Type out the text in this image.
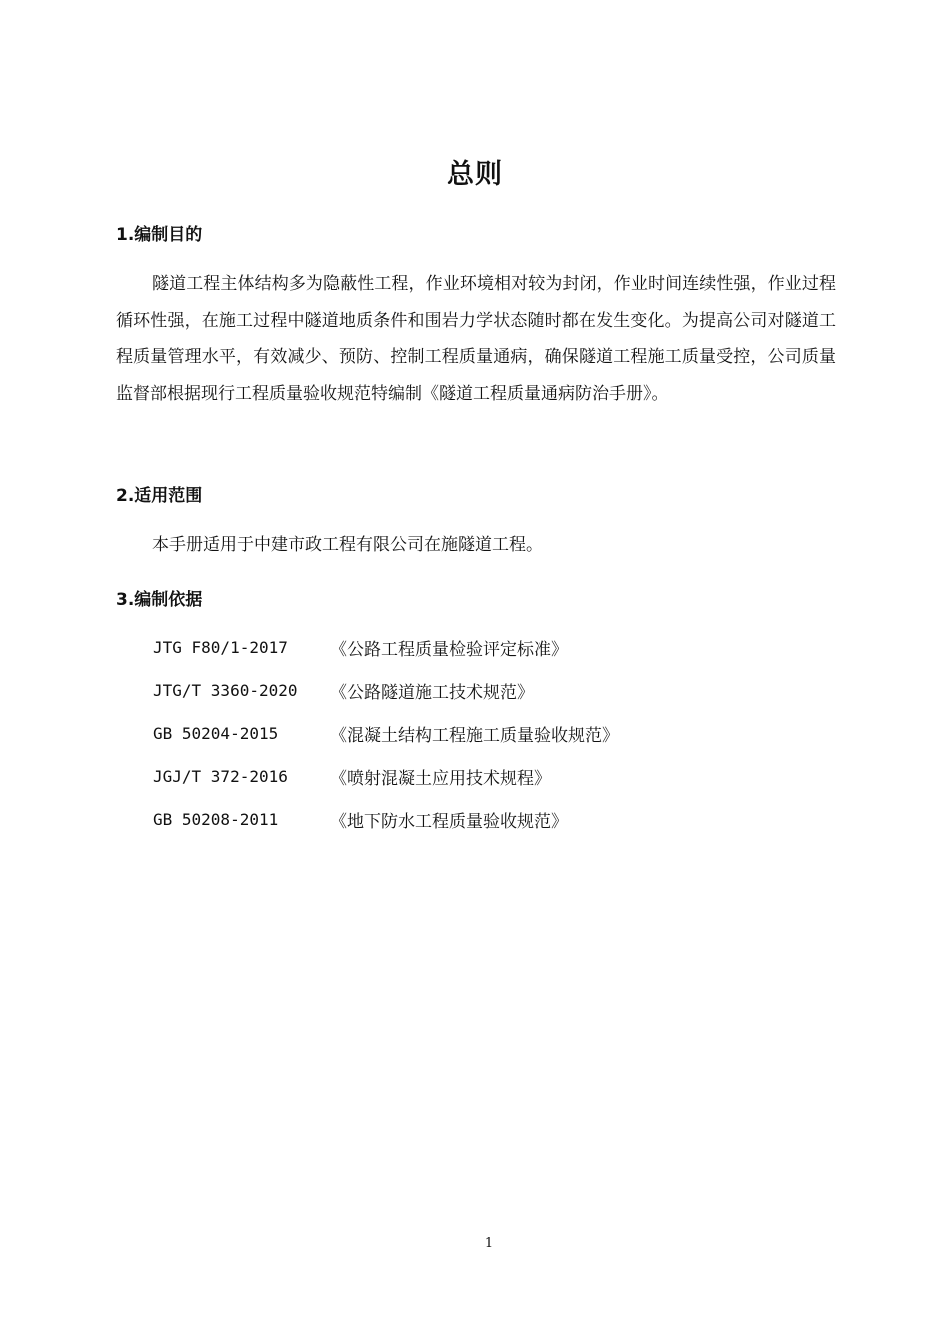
总则
1.编制目的
隧道工程主体结构多为隐蔽性工程，作业环境相对较为封闭，作业时间连续性强，作业过程循环性强，在施工过程中隧道地质条件和围岩力学状态随时都在发生变化。为提高公司对隧道工程质量管理水平，有效减少、预防、控制工程质量通病，确保隧道工程施工质量受控，公司质量监督部根据现行工程质量验收规范特编制《隧道工程质量通病防治手册》。
2.适用范围
本手册适用于中建市政工程有限公司在施隧道工程。
3.编制依据
JTG F80/1-2017	《公路工程质量检验评定标准》
JTG/T 3360-2020	《公路隧道施工技术规范》
GB 50204-2015	《混凝土结构工程施工质量验收规范》
JGJ/T 372-2016	《喷射混凝土应用技术规程》
GB 50208-2011	《地下防水工程质量验收规范》
1
